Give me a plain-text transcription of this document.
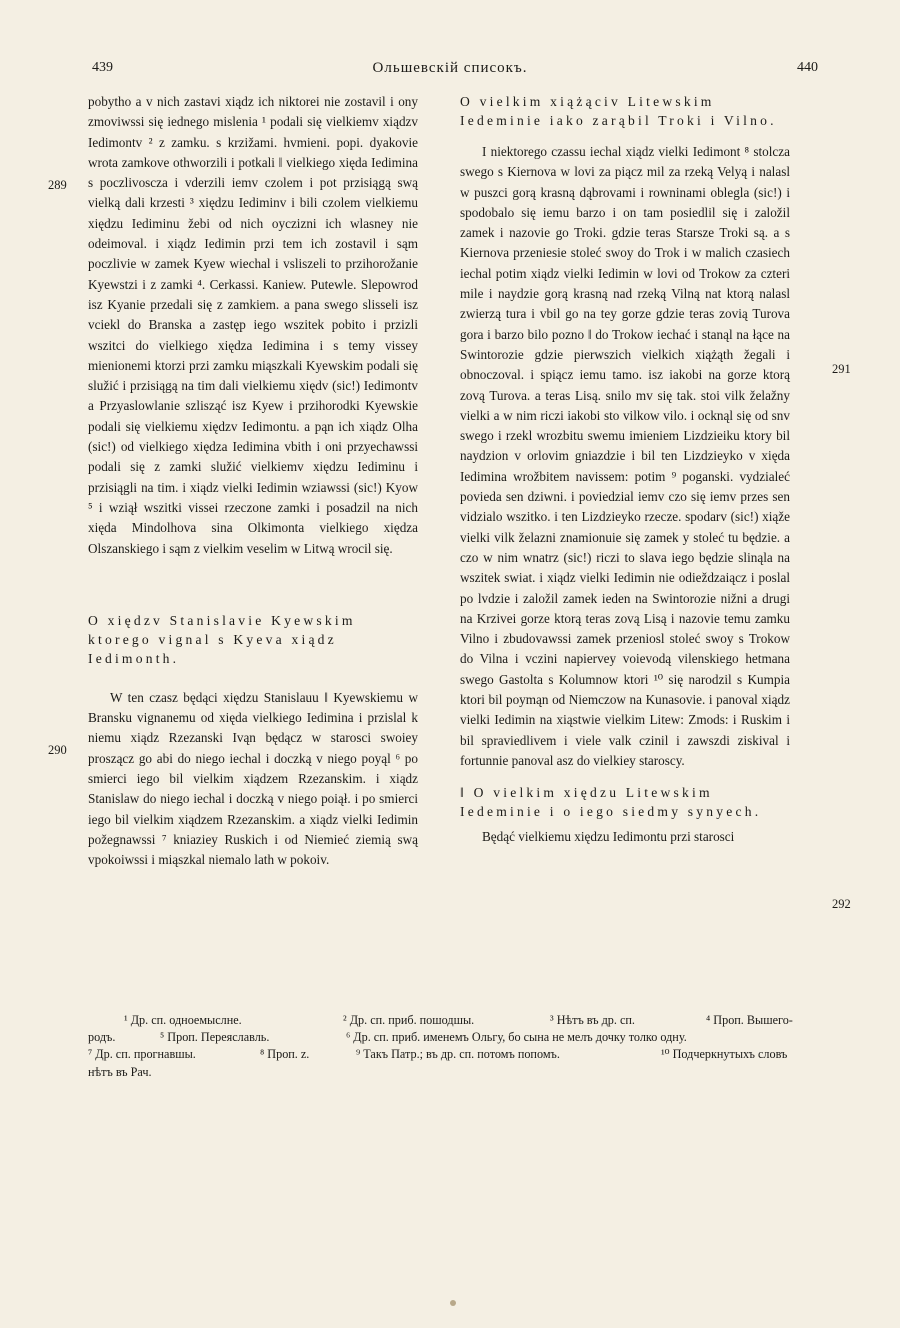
439	Ольшевскій списокъ.	440
289
290
291
292

pobytho a v nich zastavi xiądz ich niktorei nie zostavil i ony zmoviwssi się iednego mislenia ¹ podali się vielkiemv xiądzv Iedimontv ² z zamku. s krzižami. hvmieni. popi. dyakovie wrota zamkove othworzili i potkali ‖ vielkiego xięda Iedimina s poczlivoscza i vderzili iemv czolem i pot przisiągą swą vielką dali krzesti ³ xiędzu Iediminv i bili czolem vielkiemu xiędzu Iediminu žebi od nich oyczizni ich wlasney nie odeimoval. i xiądz Iedimin przi tem ich zostavil i sąm poczlivie w zamek Kyew wiechal i vsliszeli to przihorožanie Kyewstzi i z zamki ⁴. Cerkassi. Kaniew. Putewle. Slepowrod isz Kyanie przedali się z zamkiem. a pana swego slisseli isz vciekl do Branska a zastęp iego wszitek pobito i przizli wszitci do vielkiego xiędza Iedimina i s temy vissey mienionemi ktorzi przi zamku miąszkali Kyewskim podali się služić i przisiągą na tim dali vielkiemu xiędv (sic!) Iedimontv a Przyaslowlanie szlisząć isz Kyew i przihorodki Kyewskie podali się vielkiemu xiędzv Iedimontu. a pąn ich xiądz Olha (sic!) od vielkiego xiędza Iedimina vbith i oni przyechawssi podali się z zamki služić vielkiemv xiędzu Iediminu i przisiągli na tim. i xiądz vielki Iedimin wziawssi (sic!) Kyow ⁵ i wziął wszitki vissei rzeczone zamki i posadzil na nich xięda Mindolhova sina Olkimonta vielkiego xiędza Olszanskiego i sąm z vielkim veselim w Litwą wrocil się.

O xiędzv Stanislavie Kyewskim ktorego vignal s Kyeva xiądz Iedimonth.

W ten czasz będąci xiędzu Stanislauu ‖ Kyewskiemu w Bransku vignanemu od xięda vielkiego Iedimina i przislal k niemu xiądz Rzezanski Ivąn będącz w starosci swoiey prosząсz go abi do niego iechal i doczką v niego poyąl ⁶ po smierci iego bil vielkim xiądzem Rzezanskim. i xiądz Stanislaw do niego iechal i doczką v niego poiął. i po smierci iego bil vielkim xiądzem Rzezanskim. a xiądz vielki Iedimin požegnawssi ⁷ kniaziey Ruskich i od Niemieć ziemią swą vpokoiwssi i miąszkal niemalo lath w pokoiv.

O vielkim xiążąciv Litewskim Iedeminie iako zarąbil Troki i Vilno.

I niektorego czassu iechal xiądz vielki Iedimont ⁸ stolcza swego s Kiernova w lovi za piącz mil za rzeką Velyą i nalasl w puszci gorą krasną dąbrovami i rowninami oblegla (sic!) i spodobalo się iemu barzo i on tam posiedlil się i založil zamek i nazovie go Troki. gdzie teras Starsze Troki są. a s Kiernova przeniesie stoleć swoy do Trok i w malich czasiech iechal potim xiądz vielki Iedimin w lovi od Trokow za czteri mile i naydzie gorą krasną nad rzeką Vilną nat ktorą nalasl zwierzą tura i vbil go na tey gorze gdzie teras zovią Turova gora i barzo bilo pozno ‖ do Trokow iechać i stanąl na łące na Swintorozie gdzie pierwszich vielkich xiążąth žegali i obnoczoval. i spiącz iemu tamo. isz iakobi na gorze ktorą zovą Turova. a teras Lisą. snilo mv się tak. stoi vilk želažny vielki a w nim riczi iakobi sto vilkow vilo. i ocknąl się od snv swego i rzekl wrozbitu swemu imieniem Lizdzieiku ktory bil naydzion v orlovim gniazdzie i bil ten Lizdzieyko v xięda Iedimina wrožbitem navissem: potim ⁹ poganski. vydzialeć povieda sen dziwni. i poviedzial iemv czo się iemv przes sen vidzialo wszitko. i ten Lizdzieyko rzecze. spodarv (sic!) xiąže vielki vilk želazni znamionuie się zamek y stoleć tu będzie. a czo w nim wnatrz (sic!) riczi to slava iego będzie slinąla na wszitek swiat. i xiądz vielki Iedimin nie odieždzaiącz i poslal po lvdzie i založil zamek ieden na Swintorozie nižni a drugi na Krzivei gorze ktorą teras zovą Lisą i nazovie temu zamku Vilno i zbudovawssi zamek przeniosl stoleć swoy s Trokow do Vilna i vczini napiervey voievodą vilenskiego hetmana swego Gastolta s Kolumnow ktori ¹⁰ się narodzil s Kumpia ktori bil poymąn od Niemczow na Kunasovie. i panoval xiądz vielki Iedimin na xiąstwie vielkim Litew: Zmods: i Ruskim i bil spraviedlivem i viele valk czinil i zawszdi ziskival i fortunnie panoval asz do vielkiey staroscy.

‖ O vielkim xiędzu Litewskim Iedeminie i o iego siedmy synyech.

Będąć vielkiemu xiędzu Iedimontu przi starosci

¹ Др. сп. одноемыслне.	² Др. сп. приб. пошодшы.	³ Нѣтъ въ др. сп.	⁴ Проп. Вышего-
родъ.	⁵ Проп. Переяславль.	⁶ Др. сп. приб. именемъ Ольгу, бо сына не мелъ дочку толко одну.
⁷ Др. сп. прогнавшы.	⁸ Проп. z.	⁹ Такъ Патр.; въ др. сп. потомъ попомъ.	¹⁰ Подчеркнутыхъ словъ
нѣтъ въ Рач.
